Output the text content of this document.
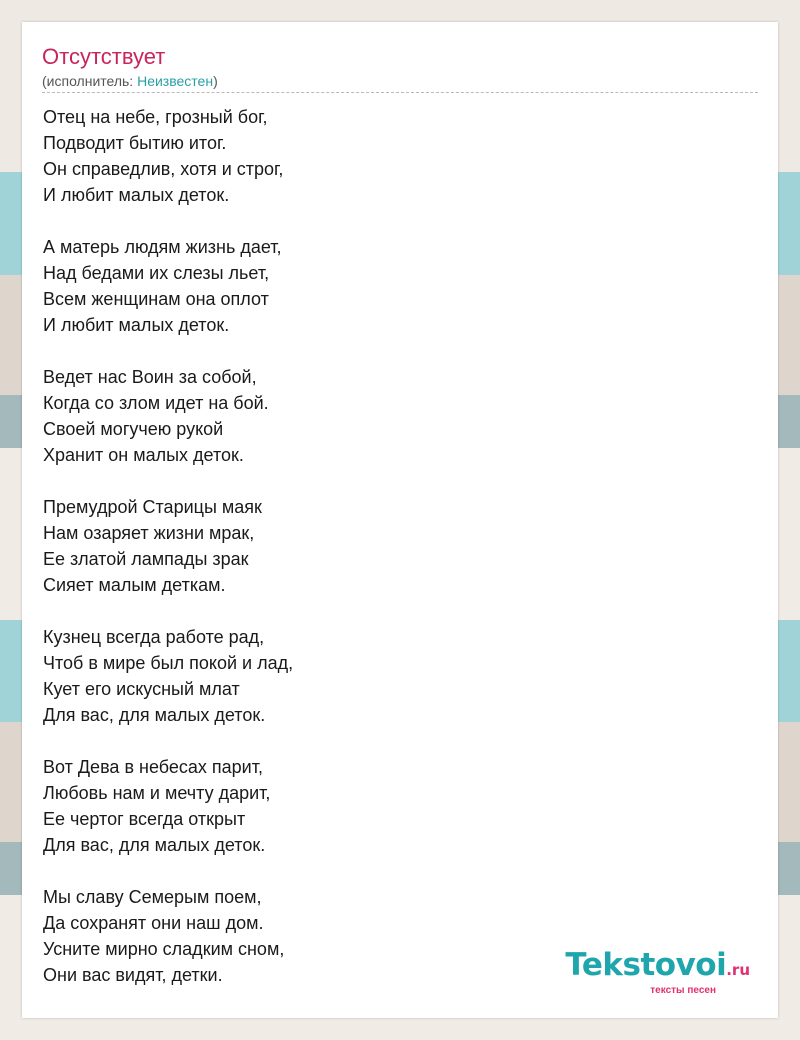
Отсутствует
(исполнитель: Неизвестен)
Отец на небе, грозный бог,
Подводит бытию итог.
Он справедлив, хотя и строг,
И любит малых деток.
А матерь людям жизнь дает,
Над бедами их слезы льет,
Всем женщинам она оплот
И любит малых деток.
Ведет нас Воин за собой,
Когда со злом идет на бой.
Своей могучею рукой
Хранит он малых деток.
Премудрой Старицы маяк
Нам озаряет жизни мрак,
Ее златой лампады зрак
Сияет малым деткам.
Кузнец всегда работе рад,
Чтоб в мире был покой и лад,
Кует его искусный млат
Для вас, для малых деток.
Вот Дева в небесах парит,
Любовь нам и мечту дарит,
Ее чертог всегда открыт
Для вас, для малых деток.
Мы славу Семерым поем,
Да сохранят они наш дом.
Усните мирно сладким сном,
Они вас видят, детки.	Tekstovoi.ru
тексты песен
